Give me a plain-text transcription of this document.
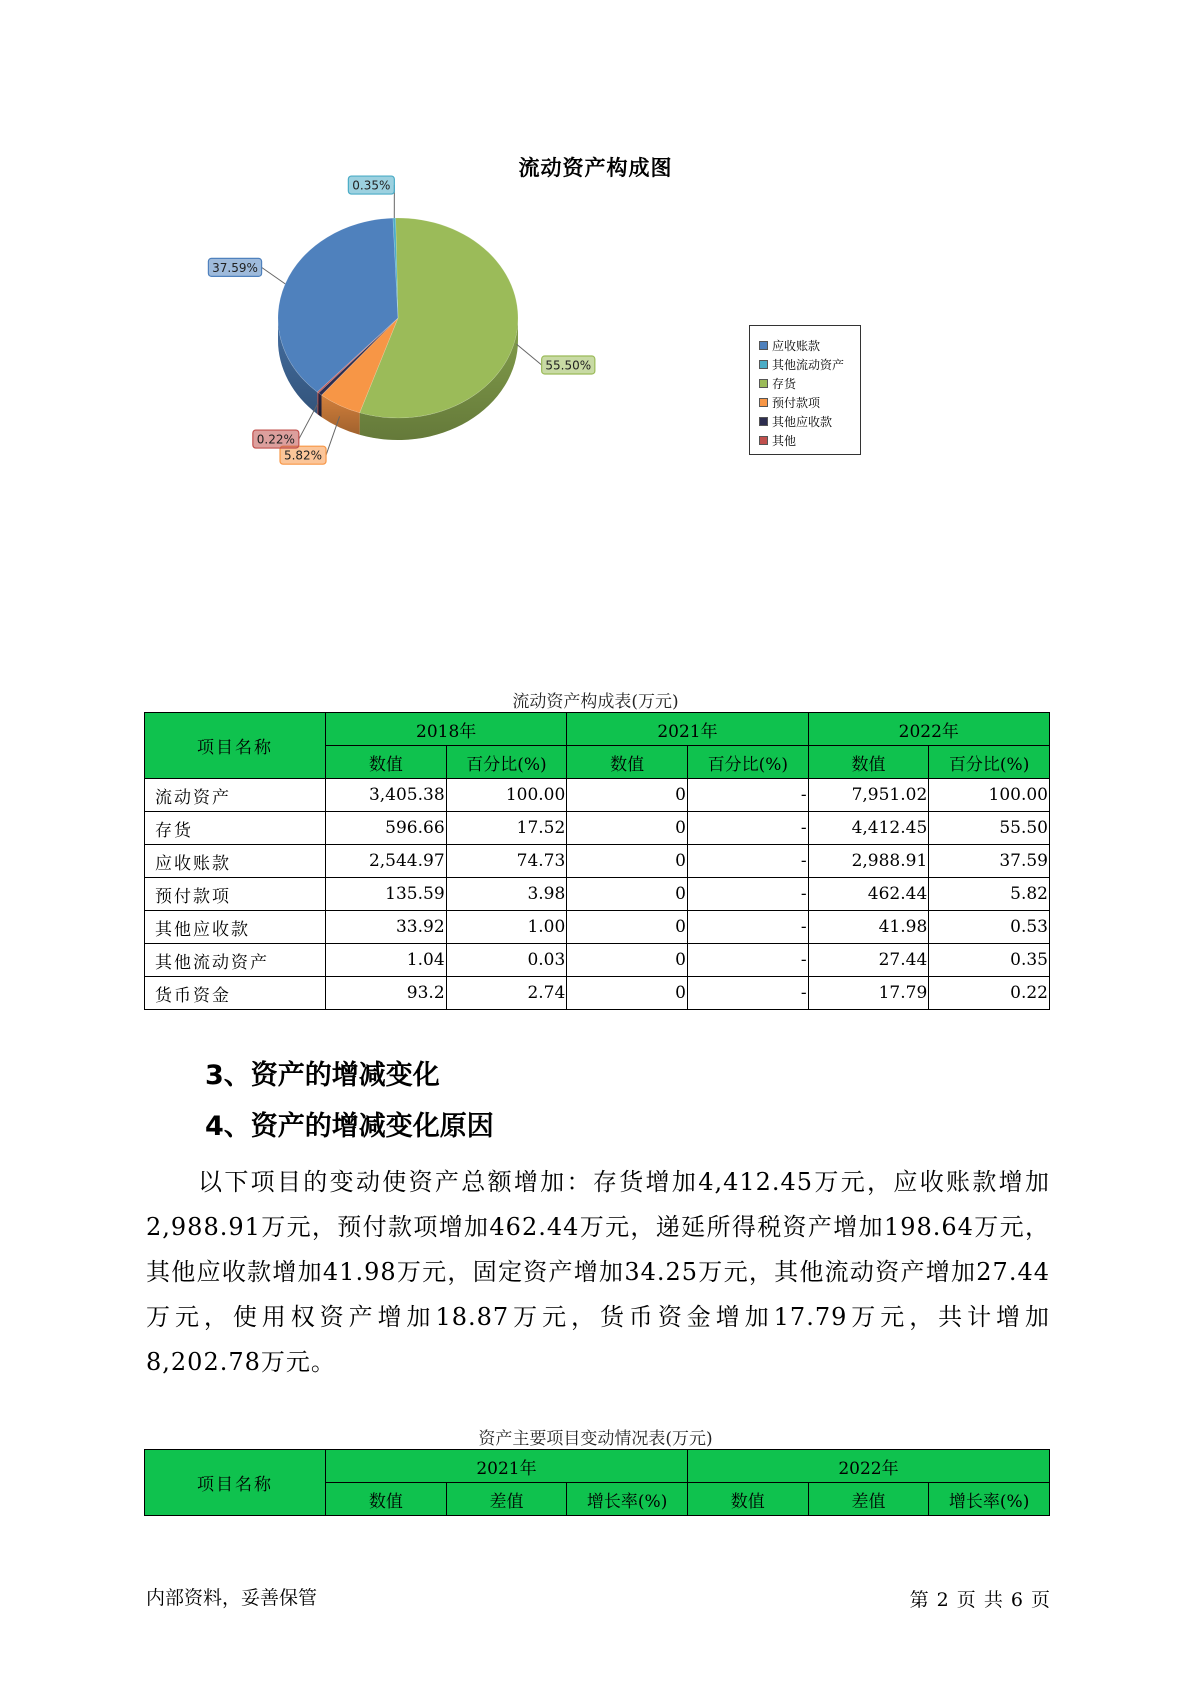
流动资产构成图
55.50%
5.82%
0.22%
37.59%
0.35%
应收账款
其他流动资产
存货
预付款项
其他应收款
其他
流动资产构成表(万元)
项目名称	2018年		2021年		2022年	
	数值	百分比(%)	数值	百分比(%)	数值	百分比(%)
流动资产	3,405.38	100.00	0	-	7,951.02	100.00
存货	596.66	17.52	0	-	4,412.45	55.50
应收账款	2,544.97	74.73	0	-	2,988.91	37.59
预付款项	135.59	3.98	0	-	462.44	5.82
其他应收款	33.92	1.00	0	-	41.98	0.53
其他流动资产	1.04	0.03	0	-	27.44	0.35
货币资金	93.2	2.74	0	-	17.79	0.22
3、资产的增减变化
4、资产的增减变化原因

以下项目的变动使资产总额增加：存货增加4,412.45万元，应收账款增加2,988.91万元，预付款项增加462.44万元，递延所得税资产增加198.64万元，其他应收款增加41.98万元，固定资产增加34.25万元，其他流动资产增加27.44万元，使用权资产增加18.87万元，货币资金增加17.79万元，共计增加8,202.78万元。

资产主要项目变动情况表(万元)
项目名称	2021年			2022年		
	数值	差值	增长率(%)	数值	差值	增长率(%)
内部资料，妥善保管	第 2 页 共 6 页
